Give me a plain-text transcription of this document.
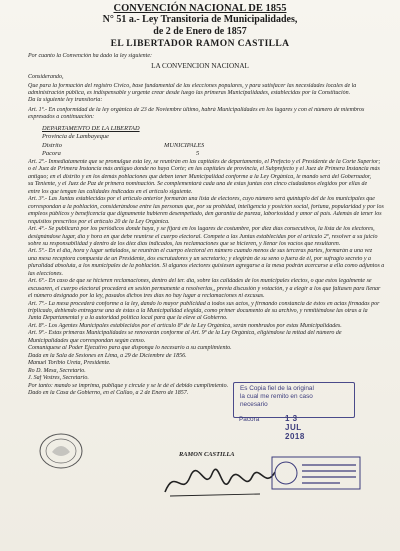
CONVENCIÓN NACIONAL DE 1855
N° 51 a.- Ley Transitoria de Municipalidades,
de 2 de Enero de 1857
EL LIBERTADOR RAMON CASTILLA
Por cuanto la Convención ha dado la ley siguiente:
LA CONVENCION NACIONAL
Considerando,
Que para la formación del registro Cívico, base fundamental de las elecciones populares, y para satisfacer las necesidades locales de la
administración pública, es indispensable y urgente crear desde luego las primeras Municipalidades, establecidas por la Constitución.
Da la siguiente ley transitoria:
Art. 1º.- En conformidad de la ley orgánica de 23 de Noviembre último, habrá Municipalidades en los lugares y con el número de miembros
expresados a continuación:
DEPARTAMENTO DE LA LIBERTAD
Provincia de Lambayeque
Distrito	MUNICIPALES
Pacora	5
Art. 2º.- Inmediatamente que se promulgue esta ley, se reunirán en las capitales de departamento, el Prefecto y el Presidente de la Corte Superior;
o el Juez de Primera Instancia más antiguo donde no haya Corte; en las capitales de provincia, el Subprefecto y el Juez de Primera Instancia más
antiguo; en el distrito y en los demás poblaciones que deben tener Municipalidad conforme a la Ley Orgánica, le mando será del Gobernador,
su Teniente, y el Juez de Paz de primera nominación. Se complementará cada una de estas juntas con cinco ciudadanos elegidos por ellas de
entre los que tengan las calidades indicadas en el artículo siguiente.
Art. 3º.- Las Juntas establecidas por el artículo anterior formarán una lista de electores, cuyo número será quíntuplo del de los municipales que
correspondan a la población, considerándose entre las personas que, por su probidad, inteligencia y posición social, fortuna, popularidad y por los
empleos públicos y beneficencia que dignamente hubieren desempeñado, den garantía de pureza, laboriosidad y amor al país. Además de tener los
requisitos prescritos por el artículo 20 de la Ley Orgánica.
Art. 4º.- Se publicará por los periódicos donde haya, y se fijará en los lugares de costumbre, por diez días consecutivos, la lista de los electores,
designándose lugar, día y hora en que debe reunirse el cuerpo electoral. Compete a las Juntas establecidas por el artículo 2º, resolver a su juicio
sobre su responsabilidad y dentro de los diez días indicados, las reclamaciones que se hicieren, y llenar los vacíos que resultaren.
Art. 5º.- En el día, hora y lugar señalados, se reunirán el cuerpo electoral en número cuando menos de sus terceras partes, formarán a una vez
una mesa receptora compuesta de un Presidente, dos escrutadores y un secretario; y elegirán de su seno o fuera de él, por sufragio secreto y a
pluralidad absoluta, a los municipales de la población. Si algunos electores quisiesen agregarse a la mesa podrán acercarse a ella como adjuntos a
las elecciones.
Art. 6º.- En caso de que se hicieren reclamaciones, dentro del ter. día, sobre las calidades de los municipales electos, o que estos legalmente se
excusaren, el cuerpo electoral procederá en sesión permanente a resolverlas,, previa discusión y votación, y a elegir a los que faltasen para llenar
el número designado por la ley, pasados dichos tres días no hay lugar a reclamaciones ni excusas.
Art. 7º.- La mesa procederá conforme a la ley, dando lo mayor publicidad a todos sus actos, y firmando constancia de éstos en actas firmadas por
triplicado, debiendo entregarse una de éstas a la Municipalidad elegida, como primer documento de su archivo, y remitiéndose las otras a la
Junta Departamental y a la autoridad política local para que la eleve al Gobierno.
Art. 8º.- Los Agentes Municipales establecidos por el artículo 8º de la Ley Orgánica, serán nombrados por estas Municipalidades.
Art. 9º.- Estas primeras Municipalidades se renovarán conforme al Art. 9º de la Ley Orgánica, eligiéndose la mitad del número de
Municipalidades que correspondan según censo.
Comuníquese al Poder Ejecutivo para que disponga lo necesario a su cumplimiento.
Dada en la Sala de Sesiones en Lima, a 29 de Diciembre de 1856.
Manuel Toribio Ureta, Presidente.
Ro D. Mesa, Secretario.
J. Saf Vestres, Secretario.
Por tanto: mando se imprima, publique y circule y se le dé el debido cumplimiento.
Dado en la Casa de Gobierno, en el Callao, a 2 de Enero de 1857.
RAMON CASTILLA
Es Copia fiel de la original
la cual me remito en caso
necesario
Pacora	1 3 JUL 2018
